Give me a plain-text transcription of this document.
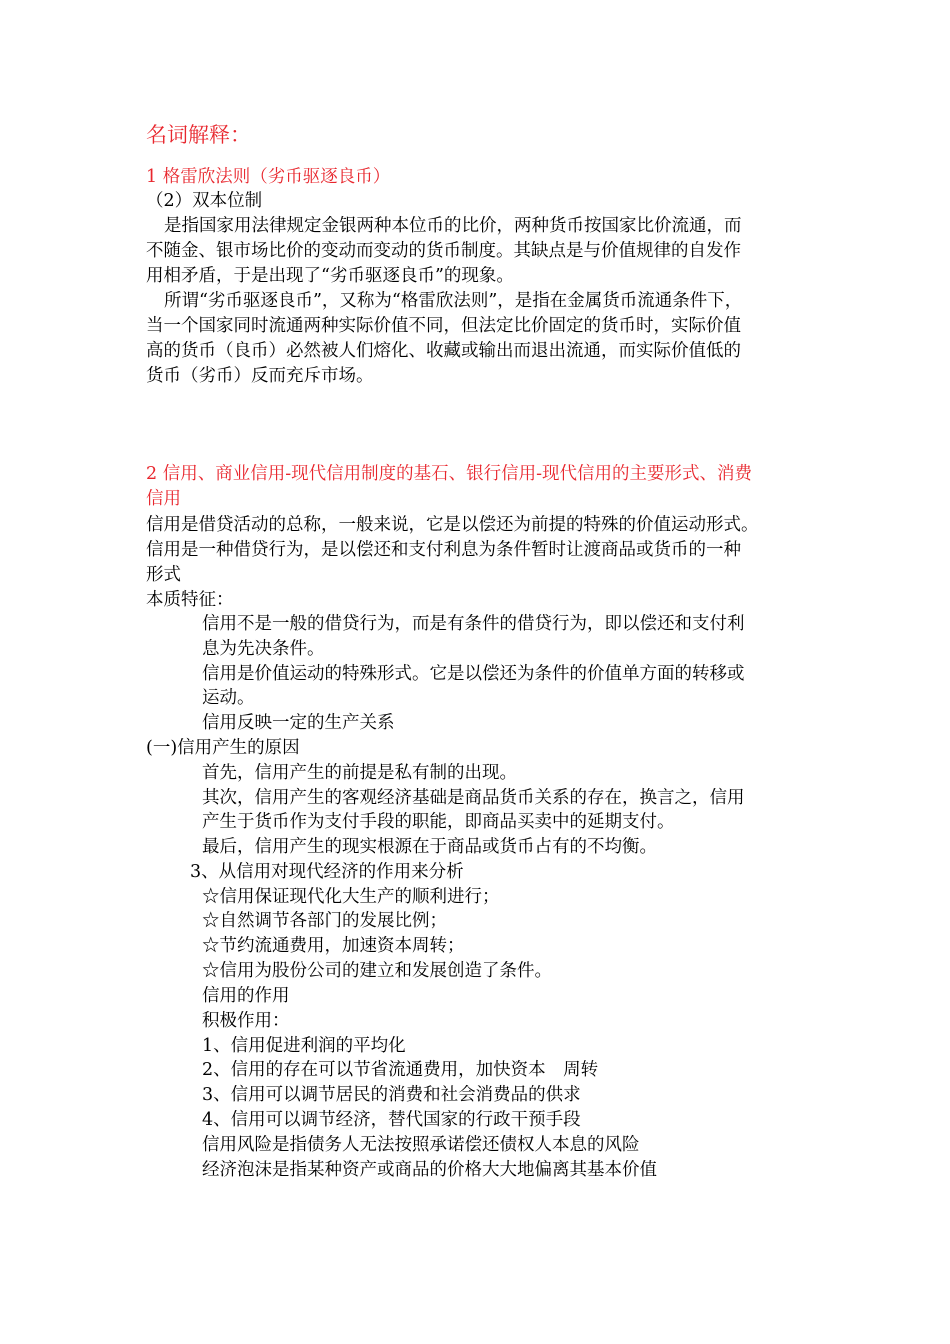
名词解释：
1 格雷欣法则（劣币驱逐良币）
（2）双本位制
是指国家用法律规定金银两种本位币的比价，两种货币按国家比价流通，而
不随金、银市场比价的变动而变动的货币制度。其缺点是与价值规律的自发作
用相矛盾，于是出现了“劣币驱逐良币”的现象。
所谓“劣币驱逐良币”，又称为“格雷欣法则”，是指在金属货币流通条件下，
当一个国家同时流通两种实际价值不同，但法定比价固定的货币时，实际价值
高的货币（良币）必然被人们熔化、收藏或输出而退出流通，而实际价值低的
货币（劣币）反而充斥市场。
2 信用、商业信用-现代信用制度的基石、银行信用-现代信用的主要形式、消费
信用
信用是借贷活动的总称，一般来说，它是以偿还为前提的特殊的价值运动形式。
信用是一种借贷行为，是以偿还和支付利息为条件暂时让渡商品或货币的一种
形式
本质特征：
信用不是一般的借贷行为，而是有条件的借贷行为，即以偿还和支付利
息为先决条件。
信用是价值运动的特殊形式。它是以偿还为条件的价值单方面的转移或
运动。
信用反映一定的生产关系
(一)信用产生的原因
首先，信用产生的前提是私有制的出现。
其次，信用产生的客观经济基础是商品货币关系的存在，换言之，信用
产生于货币作为支付手段的职能，即商品买卖中的延期支付。
最后，信用产生的现实根源在于商品或货币占有的不均衡。
3、从信用对现代经济的作用来分析
☆信用保证现代化大生产的顺利进行；
☆自然调节各部门的发展比例；
☆节约流通费用，加速资本周转；
☆信用为股份公司的建立和发展创造了条件。
信用的作用
积极作用：
1、信用促进利润的平均化
2、信用的存在可以节省流通费用，加快资本　周转
3、信用可以调节居民的消费和社会消费品的供求
4、信用可以调节经济，替代国家的行政干预手段
信用风险是指债务人无法按照承诺偿还债权人本息的风险
经济泡沫是指某种资产或商品的价格大大地偏离其基本价值
